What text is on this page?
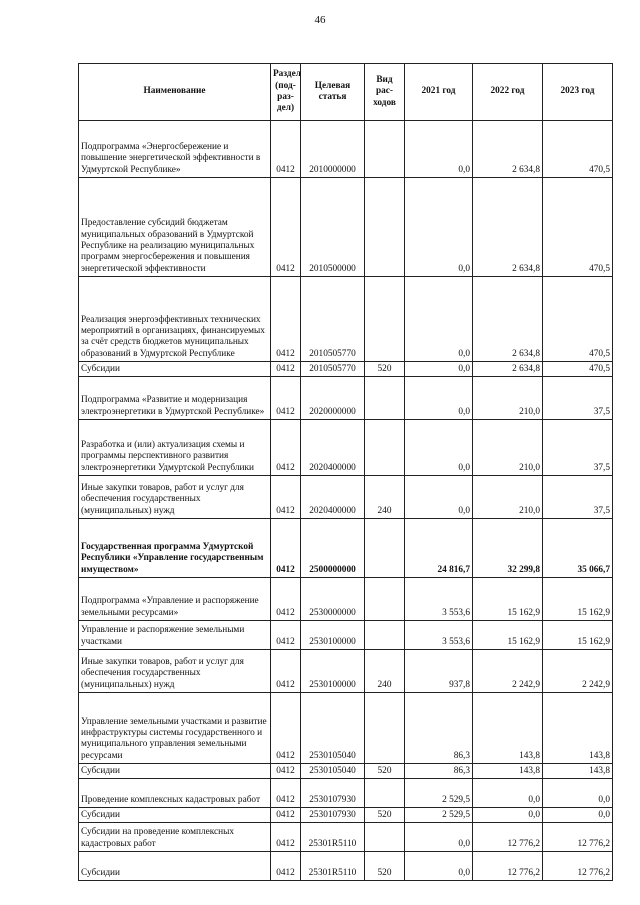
46
Наименование	Раздел (под-раз-дел)	Целевая статья	Вид рас-ходов	2021 год	2022 год	2023 год
Подпрограмма «Энергосбережение и повышение энергетической эффективности в Удмуртской Республике»	0412	2010000000		0,0	2 634,8	470,5
Предоставление субсидий бюджетам муниципальных образований в Удмуртской Республике на реализацию муниципальных программ энергосбережения и повышения энергетической эффективности	0412	2010500000		0,0	2 634,8	470,5
Реализация энергоэффективных технических мероприятий в организациях, финансируемых за счёт средств бюджетов муниципальных образований в Удмуртской Республике	0412	2010505770		0,0	2 634,8	470,5
Субсидии	0412	2010505770	520	0,0	2 634,8	470,5
Подпрограмма «Развитие и модернизация электроэнергетики в Удмуртской Республике»	0412	2020000000		0,0	210,0	37,5
Разработка и (или) актуализация схемы и программы перспективного развития электроэнергетики Удмуртской Республики	0412	2020400000		0,0	210,0	37,5
Иные закупки товаров, работ и услуг для обеспечения государственных (муниципальных) нужд	0412	2020400000	240	0,0	210,0	37,5
Государственная программа Удмуртской Республики «Управление государственным имуществом»	0412	2500000000		24 816,7	32 299,8	35 066,7
Подпрограмма «Управление и распоряжение земельными ресурсами»	0412	2530000000		3 553,6	15 162,9	15 162,9
Управление и распоряжение земельными участками	0412	2530100000		3 553,6	15 162,9	15 162,9
Иные закупки товаров, работ и услуг для обеспечения государственных (муниципальных) нужд	0412	2530100000	240	937,8	2 242,9	2 242,9
Управление земельными участками и развитие инфраструктуры системы государственного и муниципального управления земельными ресурсами	0412	2530105040		86,3	143,8	143,8
Субсидии	0412	2530105040	520	86,3	143,8	143,8
Проведение комплексных кадастровых работ	0412	2530107930		2 529,5	0,0	0,0
Субсидии	0412	2530107930	520	2 529,5	0,0	0,0
Субсидии на проведение комплексных кадастровых работ	0412	25301R5110		0,0	12 776,2	12 776,2
Субсидии	0412	25301R5110	520	0,0	12 776,2	12 776,2
